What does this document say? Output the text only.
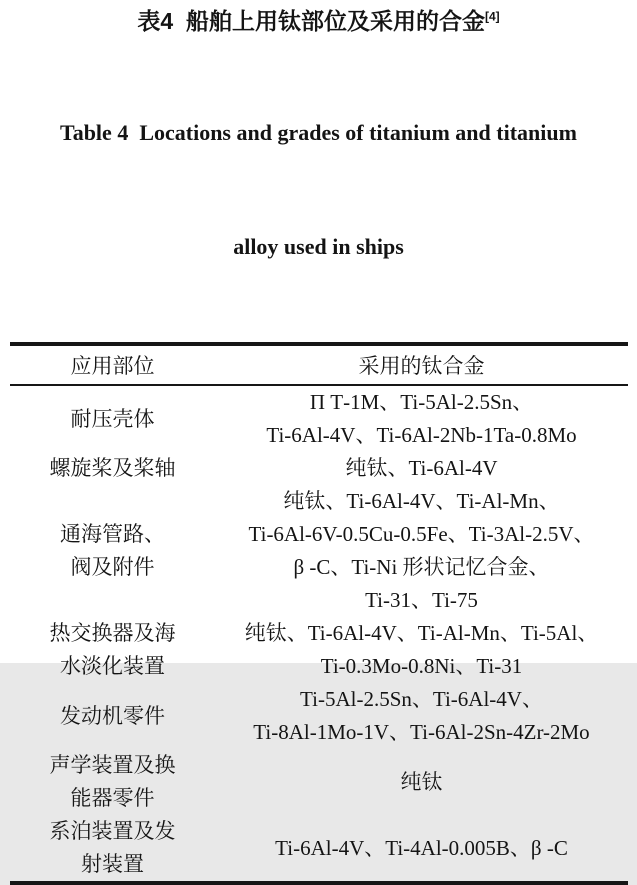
表4  船舶上用钛部位及采用的合金[4]

Table 4  Locations and grades of titanium and titanium

alloy used in ships

应用部位	采用的钛合金
耐压壳体
Π Т-1M、Ti-5Al-2.5Sn、
Ti-6Al-4V、Ti-6Al-2Nb-1Ta-0.8Mo
螺旋桨及桨轴	纯钛、Ti-6Al-4V
通海管路、
阀及附件
纯钛、Ti-6Al-4V、Ti-Al-Mn、
Ti-6Al-6V-0.5Cu-0.5Fe、Ti-3Al-2.5V、
β -C、Ti-Ni 形状记忆合金、
Ti-31、Ti-75
热交换器及海
水淡化装置
纯钛、Ti-6Al-4V、Ti-Al-Mn、Ti-5Al、
Ti-0.3Mo-0.8Ni、Ti-31
发动机零件
Ti-5Al-2.5Sn、Ti-6Al-4V、
Ti-8Al-1Mo-1V、Ti-6Al-2Sn-4Zr-2Mo
声学装置及换
能器零件
纯钛
系泊装置及发
射装置
Ti-6Al-4V、Ti-4Al-0.005B、β -C
